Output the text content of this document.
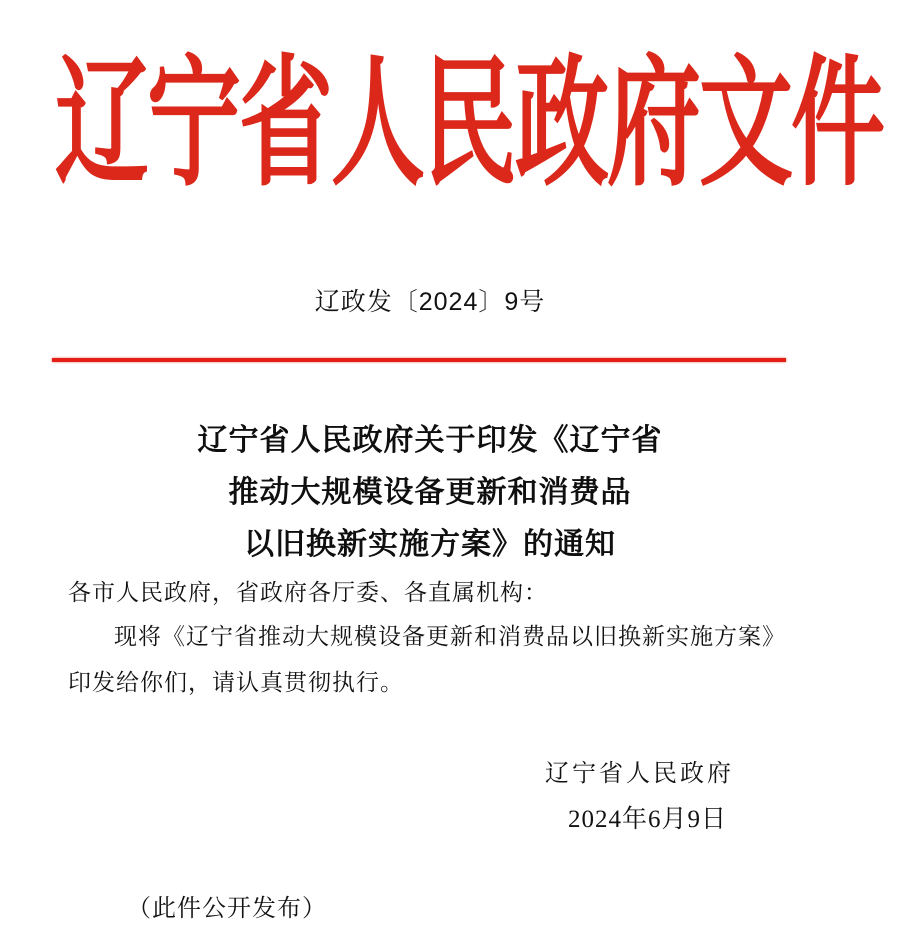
辽宁省人民政府文件
辽政发〔2024〕9号
辽宁省人民政府关于印发《辽宁省
推动大规模设备更新和消费品
以旧换新实施方案》的通知
各市人民政府，省政府各厅委、各直属机构：
现将《辽宁省推动大规模设备更新和消费品以旧换新实施方案》
印发给你们，请认真贯彻执行。
辽宁省人民政府
2024年6月9日
（此件公开发布）
